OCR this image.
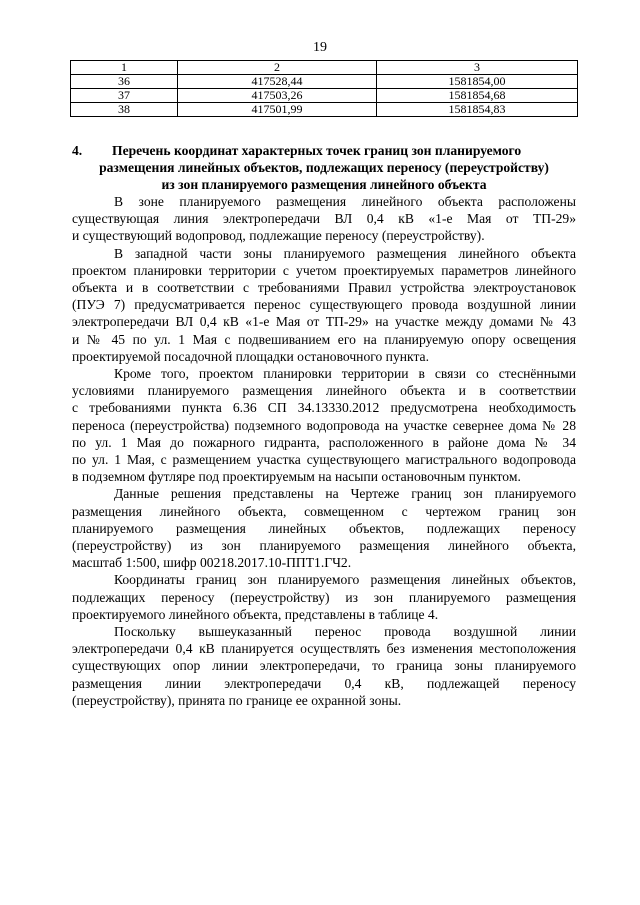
19
1	2	3
36	417528,44	1581854,00
37	417503,26	1581854,68
38	417501,99	1581854,83
4. Перечень координат характерных точек границ зон планируемого
размещения линейных объектов, подлежащих переносу (переустройству)
из зон планируемого размещения линейного объекта
В зоне планируемого размещения линейного объекта расположены
существующая линия электропередачи ВЛ 0,4 кВ «1-е Мая от ТП-29»
и существующий водопровод, подлежащие переносу (переустройству).
В западной части зоны планируемого размещения линейного объекта
проектом планировки территории с учетом проектируемых параметров линейного
объекта и в соответствии с требованиями Правил устройства электроустановок
(ПУЭ 7) предусматривается перенос существующего провода воздушной линии
электропередачи ВЛ 0,4 кВ «1-е Мая от ТП-29» на участке между домами № 43
и № 45 по ул. 1 Мая с подвешиванием его на планируемую опору освещения
проектируемой посадочной площадки остановочного пункта.
Кроме того, проектом планировки территории в связи со стеснёнными
условиями планируемого размещения линейного объекта и в соответствии
с требованиями пункта 6.36 СП 34.13330.2012 предусмотрена необходимость
переноса (переустройства) подземного водопровода на участке севернее дома № 28
по ул. 1 Мая до пожарного гидранта, расположенного в районе дома № 34
по ул. 1 Мая, с размещением участка существующего магистрального водопровода
в подземном футляре под проектируемым на насыпи остановочным пунктом.
Данные решения представлены на Чертеже границ зон планируемого
размещения линейного объекта, совмещенном с чертежом границ зон
планируемого размещения линейных объектов, подлежащих переносу
(переустройству) из зон планируемого размещения линейного объекта,
масштаб 1:500, шифр 00218.2017.10-ППТ1.ГЧ2.
Координаты границ зон планируемого размещения линейных объектов,
подлежащих переносу (переустройству) из зон планируемого размещения
проектируемого линейного объекта, представлены в таблице 4.
Поскольку вышеуказанный перенос провода воздушной линии
электропередачи 0,4 кВ планируется осуществлять без изменения местоположения
существующих опор линии электропередачи, то граница зоны планируемого
размещения линии электропередачи 0,4 кВ, подлежащей переносу
(переустройству), принята по границе ее охранной зоны.
